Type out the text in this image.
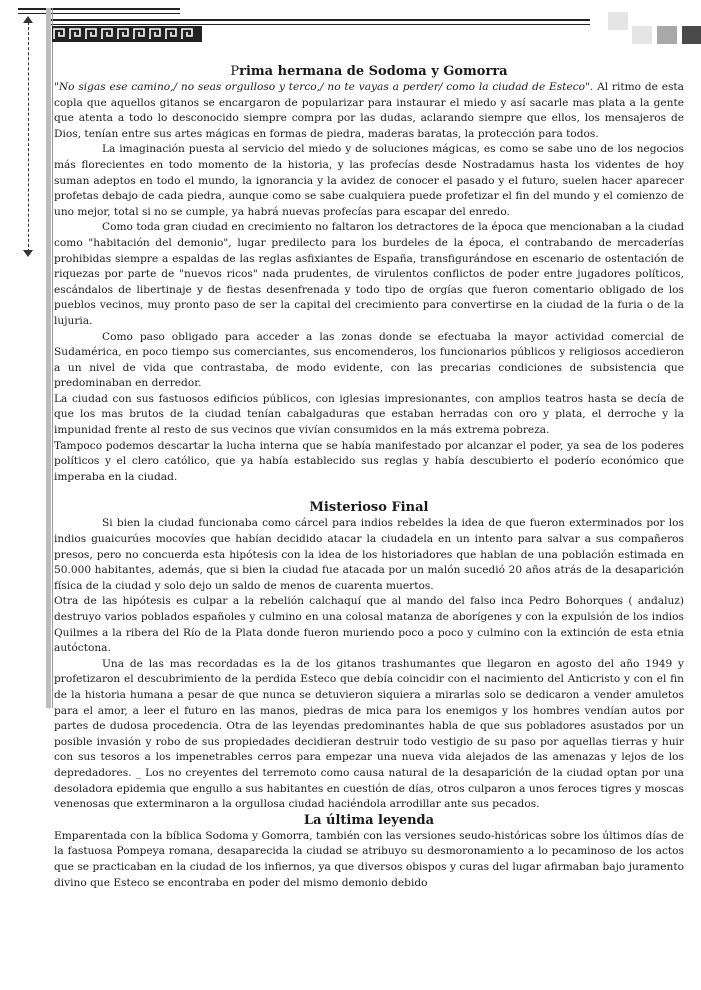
Prima hermana de Sodoma y Gomorra

"No sigas ese camino,/ no seas orgulloso y terco,/ no te vayas a perder/ como la ciudad de Esteco". Al ritmo de esta copla que aquellos gitanos se encargaron de popularizar para instaurar el miedo y así sacarle mas plata a la gente que atenta a todo lo desconocido siempre compra por las dudas, aclarando siempre que ellos, los mensajeros de Dios, tenían entre sus artes mágicas en formas de piedra, maderas baratas, la protección para todos.

La imaginación puesta al servicio del miedo y de soluciones mágicas, es como se sabe uno de los negocios más florecientes en todo momento de la historia, y las profecías desde Nostradamus hasta los videntes de hoy suman adeptos en todo el mundo, la ignorancia y la avidez de conocer el pasado y el futuro, suelen hacer aparecer profetas debajo de cada piedra, aunque como se sabe cualquiera puede profetizar el fin del mundo y el comienzo de uno mejor, total si no se cumple, ya habrá nuevas profecías para escapar del enredo.

Como toda gran ciudad en crecimiento no faltaron los detractores de la época que mencionaban a la ciudad como "habitación del demonio", lugar predilecto para los burdeles de la época, el contrabando de mercaderías prohibidas siempre a espaldas de las reglas asfixiantes de España, transfigurándose en escenario de ostentación de riquezas por parte de "nuevos ricos" nada prudentes, de virulentos conflictos de poder entre jugadores políticos, escándalos de libertinaje y de fiestas desenfrenada y todo tipo de orgías que fueron comentario obligado de los pueblos vecinos, muy pronto paso de ser la capital del crecimiento para convertirse en la ciudad de la furia o de la lujuria.

Como paso obligado para acceder a las zonas donde se efectuaba la mayor actividad comercial de Sudamérica, en poco tiempo sus comerciantes, sus encomenderos, los funcionarios públicos y religiosos accedieron a un nivel de vida que contrastaba, de modo evidente, con las precarias condiciones de subsistencia que predominaban en derredor.

La ciudad con sus fastuosos edificios públicos, con iglesias impresionantes, con amplios teatros hasta se decía de que los mas brutos de la ciudad tenían cabalgaduras que estaban herradas con oro y plata, el derroche y la impunidad frente al resto de sus vecinos que vivían consumidos en la más extrema pobreza.

Tampoco podemos descartar la lucha interna que se había manifestado por alcanzar el poder, ya sea de los poderes políticos y el clero católico, que ya había establecido sus reglas y había descubierto el poderío económico que imperaba en la ciudad.

Misterioso Final

Si bien la ciudad funcionaba como cárcel para indios rebeldes la idea de que fueron exterminados por los indios guaicurúes mocovíes que habían decidido atacar la ciudadela en un intento para salvar a sus compañeros presos, pero no concuerda esta hipótesis con la idea de los historiadores que hablan de una población estimada en 50.000 habitantes, además, que si bien la ciudad fue atacada por un malón sucedió 20 años atrás de la desaparición física de la ciudad y solo dejo un saldo de menos de cuarenta muertos.

Otra de las hipótesis es culpar a la rebelión calchaquí que al mando del falso inca Pedro Bohorques ( andaluz) destruyo varios poblados españoles y culmino en una colosal matanza de aborígenes y con la expulsión de los indios Quilmes a la ribera del Río de la Plata donde fueron muriendo poco a poco y culmino con la extinción de esta etnia autóctona.

Una de las mas recordadas es la de los gitanos trashumantes que llegaron en agosto del año 1949 y profetizaron el descubrimiento de la perdida Esteco que debía coincidir con el nacimiento del Anticristo y con el fin de la historia humana a pesar de que nunca se detuvieron siquiera a mirarlas solo se dedicaron a vender amuletos para el amor, a leer el futuro en las manos, piedras de mica para los enemigos y los hombres vendían autos por partes de dudosa procedencia. Otra de las leyendas predominantes habla de que sus pobladores asustados por un posible invasión y robo de sus propiedades decidieran destruir todo vestigio de su paso por aquellas tierras y huir con sus tesoros a los impenetrables cerros para empezar una nueva vida alejados de las amenazas y lejos de los depredadores. _ Los no creyentes del terremoto como causa natural de la desaparición de la ciudad optan por una desoladora epidemia que engullo a sus habitantes en cuestión de días, otros culparon a unos feroces tigres y moscas venenosas que exterminaron a la orgullosa ciudad haciéndola arrodillar ante sus pecados.

La última leyenda

Emparentada con la bíblica Sodoma y Gomorra, también con las versiones seudo-históricas sobre los últimos días de la fastuosa Pompeya romana, desaparecida la ciudad se atribuyo su desmoronamiento a lo pecaminoso de los actos que se practicaban en la ciudad de los infiernos, ya que diversos obispos y curas del lugar afirmaban bajo juramento divino que Esteco se encontraba en poder del mismo demonio debido
